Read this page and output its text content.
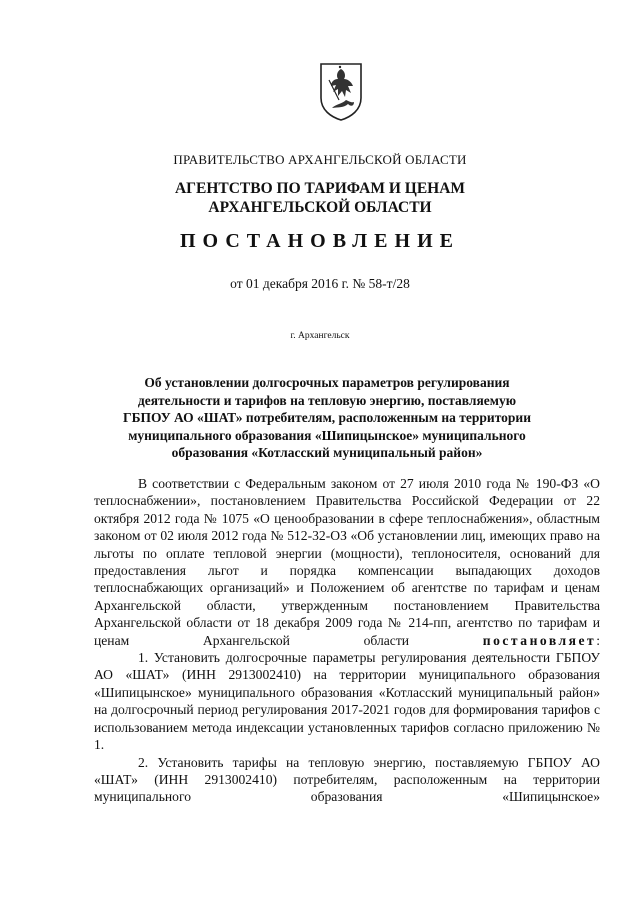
ПРАВИТЕЛЬСТВО АРХАНГЕЛЬСКОЙ ОБЛАСТИ
АГЕНТСТВО ПО ТАРИФАМ И ЦЕНАМ
АРХАНГЕЛЬСКОЙ ОБЛАСТИ
ПОСТАНОВЛЕНИЕ
от 01 декабря 2016 г. № 58-т/28
г. Архангельск
Об установлении долгосрочных параметров регулирования
деятельности и тарифов на тепловую энергию, поставляемую
ГБПОУ АО «ШАТ» потребителям, расположенным на территории
муниципального образования «Шипицынское» муниципального
образования «Котласский муниципальный район»

В соответствии с Федеральным законом от 27 июля 2010 года № 190-ФЗ «О теплоснабжении», постановлением Правительства Российской Федерации от 22 октября 2012 года № 1075 «О ценообразовании в сфере теплоснабжения», областным законом от 02 июля 2012 года № 512-32-ОЗ «Об установлении лиц, имеющих право на льготы по оплате тепловой энергии (мощности), теплоносителя, оснований для предоставления льгот и порядка компенсации выпадающих доходов теплоснабжающих организаций» и Положением об агентстве по тарифам и ценам Архангельской области, утвержденным постановлением Правительства Архангельской области от 18 декабря 2009 года № 214-пп, агентство по тарифам и ценам Архангельской области	постановляет:

1. Установить долгосрочные параметры регулирования деятельности ГБПОУ АО «ШАТ» (ИНН 2913002410) на территории муниципального образования «Шипицынское» муниципального образования «Котласский муниципальный район» на долгосрочный период регулирования 2017-2021 годов для формирования тарифов с использованием метода индексации установленных тарифов согласно приложению № 1.

2. Установить тарифы на тепловую энергию, поставляемую ГБПОУ АО «ШАТ» (ИНН 2913002410) потребителям, расположенным на территории муниципального образования «Шипицынское»
